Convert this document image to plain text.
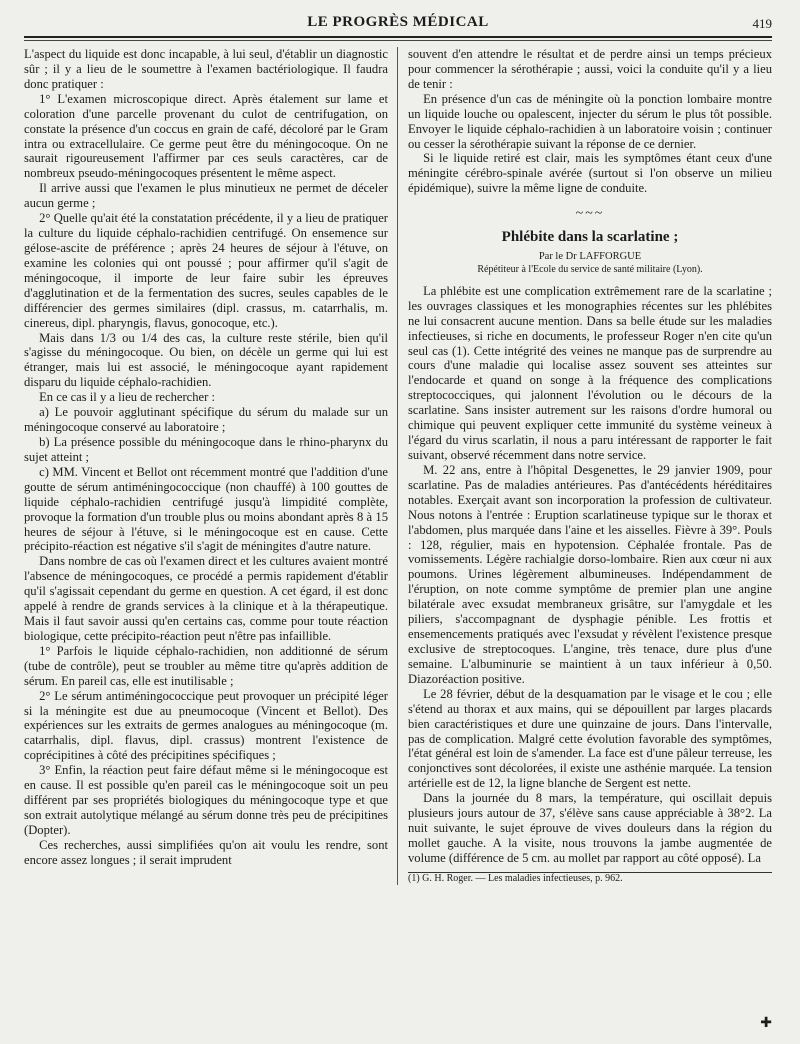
LE PROGRÈS MÉDICAL	419

L'aspect du liquide est donc incapable, à lui seul, d'établir un diagnostic sûr ; il y a lieu de le soumettre à l'examen bactériologique. Il faudra donc pratiquer :

1° L'examen microscopique direct. Après étalement sur lame et coloration d'une parcelle provenant du culot de centrifugation, on constate la présence d'un coccus en grain de café, décoloré par le Gram intra ou extracellulaire. Ce germe peut être du méningocoque. On ne saurait rigoureusement l'affirmer par ces seuls caractères, car de nombreux pseudo-méningocoques présentent le même aspect.

Il arrive aussi que l'examen le plus minutieux ne permet de déceler aucun germe ;

2° Quelle qu'ait été la constatation précédente, il y a lieu de pratiquer la culture du liquide céphalo-rachidien centrifugé. On ensemence sur gélose-ascite de préférence ; après 24 heures de séjour à l'étuve, on examine les colonies qui ont poussé ; pour affirmer qu'il s'agit de méningocoque, il importe de leur faire subir les épreuves d'agglutination et de la fermentation des sucres, seules capables de le différencier des germes similaires (dipl. crassus, m. catarrhalis, m. cinereus, dipl. pharyngis, flavus, gonocoque, etc.).

Mais dans 1/3 ou 1/4 des cas, la culture reste stérile, bien qu'il s'agisse du méningocoque. Ou bien, on décèle un germe qui lui est étranger, mais lui est associé, le méningocoque ayant rapidement disparu du liquide céphalo-rachidien.

En ce cas il y a lieu de rechercher :

a) Le pouvoir agglutinant spécifique du sérum du malade sur un méningocoque conservé au laboratoire ;

b) La présence possible du méningocoque dans le rhino-pharynx du sujet atteint ;

c) MM. Vincent et Bellot ont récemment montré que l'addition d'une goutte de sérum antiméningococcique (non chauffé) à 100 gouttes de liquide céphalo-rachidien centrifugé jusqu'à limpidité complète, provoque la formation d'un trouble plus ou moins abondant après 8 à 15 heures de séjour à l'étuve, si le méningocoque est en cause. Cette précipito-réaction est négative s'il s'agit de méningites d'autre nature.

Dans nombre de cas où l'examen direct et les cultures avaient montré l'absence de méningocoques, ce procédé a permis rapidement d'établir qu'il s'agissait cependant du germe en question. A cet égard, il est donc appelé à rendre de grands services à la clinique et à la thérapeutique. Mais il faut savoir aussi qu'en certains cas, comme pour toute réaction biologique, cette précipito-réaction peut n'être pas infaillible.

1° Parfois le liquide céphalo-rachidien, non additionné de sérum (tube de contrôle), peut se troubler au même titre qu'après addition de sérum. En pareil cas, elle est inutilisable ;

2° Le sérum antiméningococcique peut provoquer un précipité léger si la méningite est due au pneumocoque (Vincent et Bellot). Des expériences sur les extraits de germes analogues au méningocoque (m. catarrhalis, dipl. flavus, dipl. crassus) montrent l'existence de coprécipitines à côté des précipitines spécifiques ;

3° Enfin, la réaction peut faire défaut même si le méningocoque est en cause. Il est possible qu'en pareil cas le méningocoque soit un peu différent par ses propriétés biologiques du méningocoque type et que son extrait autolytique mélangé au sérum donne très peu de précipitines (Dopter).

Ces recherches, aussi simplifiées qu'on ait voulu les rendre, sont encore assez longues ; il serait imprudent

souvent d'en attendre le résultat et de perdre ainsi un temps précieux pour commencer la sérothérapie ; aussi, voici la conduite qu'il y a lieu de tenir :

En présence d'un cas de méningite où la ponction lombaire montre un liquide louche ou opalescent, injecter du sérum le plus tôt possible. Envoyer le liquide céphalo-rachidien à un laboratoire voisin ; continuer ou cesser la sérothérapie suivant la réponse de ce dernier.

Si le liquide retiré est clair, mais les symptômes étant ceux d'une méningite cérébro-spinale avérée (surtout si l'on observe un milieu épidémique), suivre la même ligne de conduite.

~~~
Phlébite dans la scarlatine ;
Par le Dr LAFFORGUE
Répétiteur à l'Ecole du service de santé militaire (Lyon).

La phlébite est une complication extrêmement rare de la scarlatine ; les ouvrages classiques et les monographies récentes sur les phlébites ne lui consacrent aucune mention. Dans sa belle étude sur les maladies infectieuses, si riche en documents, le professeur Roger n'en cite qu'un seul cas (1). Cette intégrité des veines ne manque pas de surprendre au cours d'une maladie qui localise assez souvent ses atteintes sur l'endocarde et quand on songe à la fréquence des complications streptococciques, qui jalonnent l'évolution ou le décours de la scarlatine. Sans insister autrement sur les raisons d'ordre humoral ou chimique qui peuvent expliquer cette immunité du système veineux à l'égard du virus scarlatin, il nous a paru intéressant de rapporter le fait suivant, observé récemment dans notre service.

M. 22 ans, entre à l'hôpital Desgenettes, le 29 janvier 1909, pour scarlatine. Pas de maladies antérieures. Pas d'antécédents héréditaires notables. Exerçait avant son incorporation la profession de cultivateur. Nous notons à l'entrée : Eruption scarlatineuse typique sur le thorax et l'abdomen, plus marquée dans l'aine et les aisselles. Fièvre à 39°. Pouls : 128, régulier, mais en hypotension. Céphalée frontale. Pas de vomissements. Légère rachialgie dorso-lombaire. Rien aux cœur ni aux poumons. Urines légèrement albumineuses. Indépendamment de l'éruption, on note comme symptôme de premier plan une angine bilatérale avec exsudat membraneux grisâtre, sur l'amygdale et les piliers, s'accompagnant de dysphagie pénible. Les frottis et ensemencements pratiqués avec l'exsudat y révèlent l'existence presque exclusive de streptocoques. L'angine, très tenace, dure plus d'une semaine. L'albuminurie se maintient à un taux inférieur à 0,50. Diazoréaction positive.

Le 28 février, début de la desquamation par le visage et le cou ; elle s'étend au thorax et aux mains, qui se dépouillent par larges placards bien caractéristiques et dure une quinzaine de jours. Dans l'intervalle, pas de complication. Malgré cette évolution favorable des symptômes, l'état général est loin de s'amender. La face est d'une pâleur terreuse, les conjonctives sont décolorées, il existe une asthénie marquée. La tension artérielle est de 12, la ligne blanche de Sergent est nette.

Dans la journée du 8 mars, la température, qui oscillait depuis plusieurs jours autour de 37, s'élève sans cause appréciable à 38°2. La nuit suivante, le sujet éprouve de vives douleurs dans la région du mollet gauche. A la visite, nous trouvons la jambe augmentée de volume (différence de 5 cm. au mollet par rapport au côté opposé). La

(1) G. H. Roger. — Les maladies infectieuses, p. 962.

✚
